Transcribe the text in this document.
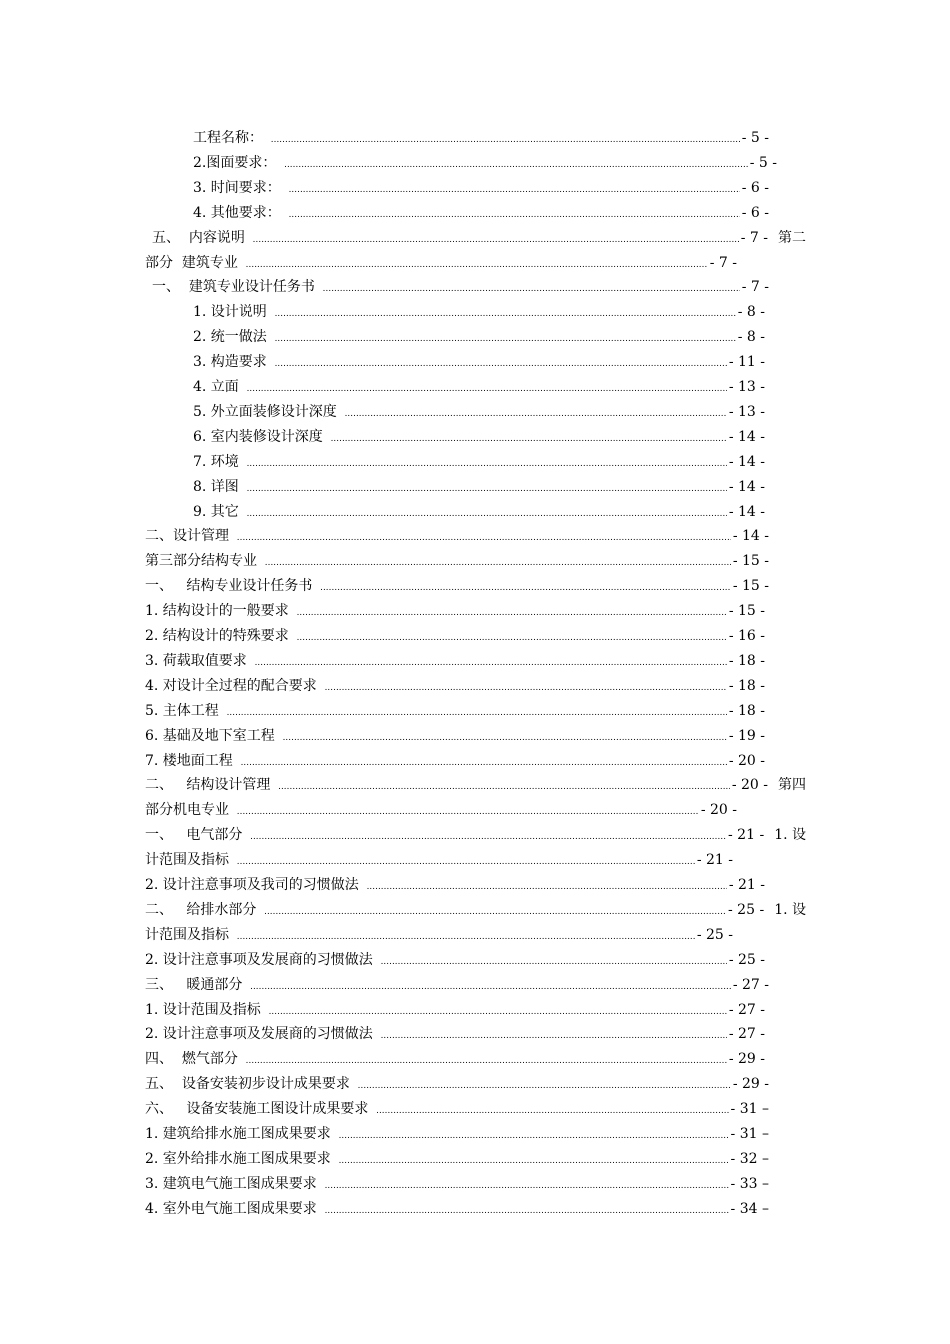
工程名称： .....	- 5 -
2.图面要求： .....	- 5 -
3. 时间要求： .....	- 6 -
4. 其他要求： .....	- 6 -
五、  内容说明 .....	- 7 - 第二
部分  建筑专业 .....	- 7 -
一、  建筑专业设计任务书 .....	- 7 -
1. 设计说明 .....	- 8 -
2. 统一做法 .....	- 8 -
3. 构造要求 .....	- 11 -
4. 立面 .....	- 13 -
5. 外立面装修设计深度 .....	- 13 -
6. 室内装修设计深度 .....	- 14 -
7. 环境 .....	- 14 -
8. 详图 .....	- 14 -
9. 其它 .....	- 14 -
二、设计管理 .....	- 14 -
第三部分结构专业 .....	- 15 -
一、   结构专业设计任务书 .....	- 15 -
1. 结构设计的一般要求 .....	- 15 -
2. 结构设计的特殊要求 .....	- 16 -
3. 荷载取值要求 .....	- 18 -
4. 对设计全过程的配合要求 .....	- 18 -
5. 主体工程 .....	- 18 -
6. 基础及地下室工程 .....	- 19 -
7. 楼地面工程 .....	- 20 -
二、   结构设计管理 .....	- 20 - 第四
部分机电专业 .....	- 20 -
一、   电气部分 .....	- 21 - 1. 设
计范围及指标 .....	- 21 -
2. 设计注意事项及我司的习惯做法 .....	- 21 -
二、   给排水部分 .....	- 25 - 1. 设
计范围及指标 .....	- 25 -
2. 设计注意事项及发展商的习惯做法 .....	- 25 -
三、   暖通部分 .....	- 27 -
1. 设计范围及指标 .....	- 27 -
2. 设计注意事项及发展商的习惯做法 .....	- 27 -
四、  燃气部分 .....	- 29 -
五、  设备安装初步设计成果要求 .....	- 29 -
六、   设备安装施工图设计成果要求 .....	- 31 –
1. 建筑给排水施工图成果要求 .....	- 31 –
2. 室外给排水施工图成果要求 .....	- 32 –
3. 建筑电气施工图成果要求 .....	- 33 –
4. 室外电气施工图成果要求 .....	- 34 –
